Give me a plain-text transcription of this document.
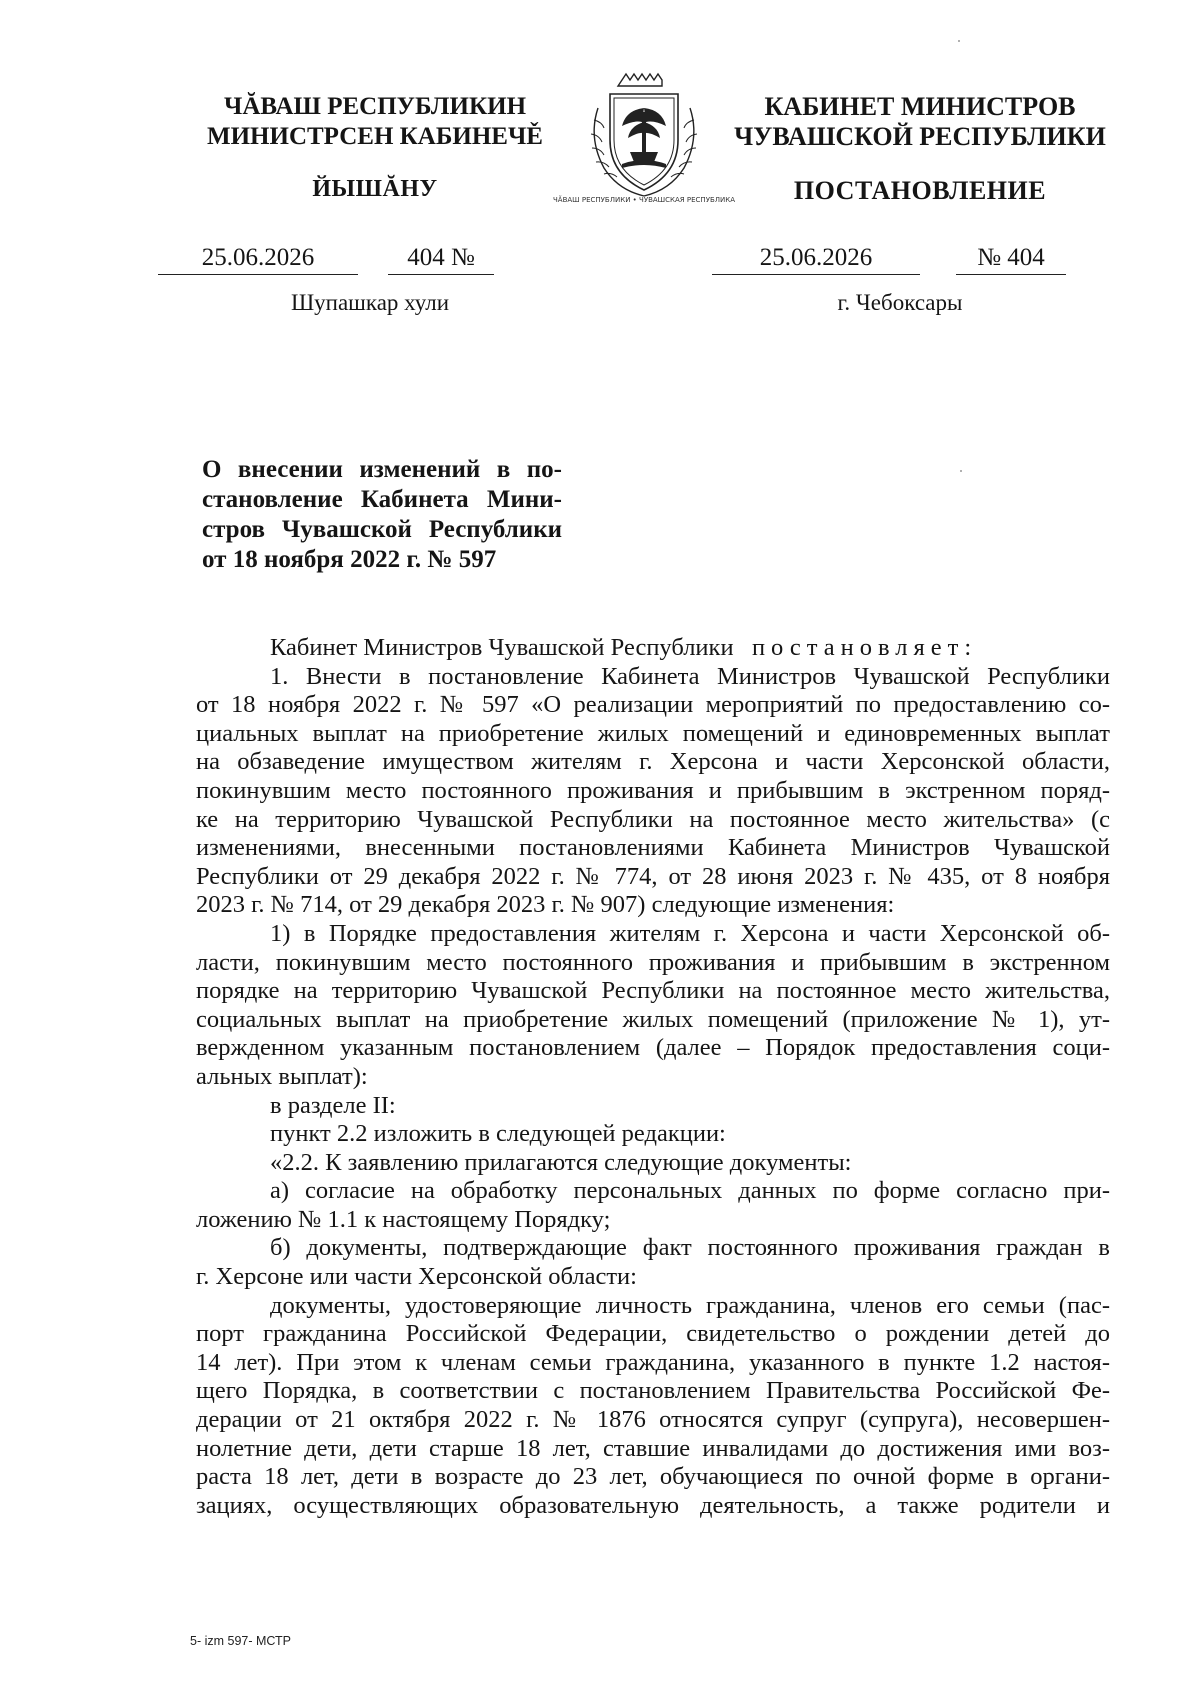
ЧĂВАШ РЕСПУБЛИКИН
МИНИСТРСЕН КАБИНЕЧĚ
ЙЫШĂНУ	ЧĂВАШ РЕСПУБЛИКИ • ЧУВАШСКАЯ РЕСПУБЛИКА
КАБИНЕТ МИНИСТРОВ
ЧУВАШСКОЙ РЕСПУБЛИКИ
ПОСТАНОВЛЕНИЕ
25.06.2026	404 №	25.06.2026	№ 404
Шупашкар хули	г. Чебоксары
О внесении изменений в по-
становление Кабинета Мини-
стров Чувашской Республики
от 18 ноября 2022 г. № 597
Кабинет Министров Чувашской Республики постановляет:
1. Внести в постановление Кабинета Министров Чувашской Республики
от 18 ноября 2022 г. № 597 «О реализации мероприятий по предоставлению со-
циальных выплат на приобретение жилых помещений и единовременных выплат
на обзаведение имуществом жителям г. Херсона и части Херсонской области,
покинувшим место постоянного проживания и прибывшим в экстренном поряд-
ке на территорию Чувашской Республики на постоянное место жительства» (с
изменениями, внесенными постановлениями Кабинета Министров Чувашской
Республики от 29 декабря 2022 г. № 774, от 28 июня 2023 г. № 435, от 8 ноября
2023 г. № 714, от 29 декабря 2023 г. № 907) следующие изменения:
1) в Порядке предоставления жителям г. Херсона и части Херсонской об-
ласти, покинувшим место постоянного проживания и прибывшим в экстренном
порядке на территорию Чувашской Республики на постоянное место жительства,
социальных выплат на приобретение жилых помещений (приложение № 1), ут-
вержденном указанным постановлением (далее – Порядок предоставления соци-
альных выплат):
в разделе II:
пункт 2.2 изложить в следующей редакции:
«2.2. К заявлению прилагаются следующие документы:
а) согласие на обработку персональных данных по форме согласно при-
ложению № 1.1 к настоящему Порядку;
б) документы, подтверждающие факт постоянного проживания граждан в
г. Херсоне или части Херсонской области:
документы, удостоверяющие личность гражданина, членов его семьи (пас-
порт гражданина Российской Федерации, свидетельство о рождении детей до
14 лет). При этом к членам семьи гражданина, указанного в пункте 1.2 настоя-
щего Порядка, в соответствии с постановлением Правительства Российской Фе-
дерации от 21 октября 2022 г. № 1876 относятся супруг (супруга), несовершен-
нолетние дети, дети старше 18 лет, ставшие инвалидами до достижения ими воз-
раста 18 лет, дети в возрасте до 23 лет, обучающиеся по очной форме в органи-
зациях, осуществляющих образовательную деятельность, а также родители и
5- izm 597- МСТР
